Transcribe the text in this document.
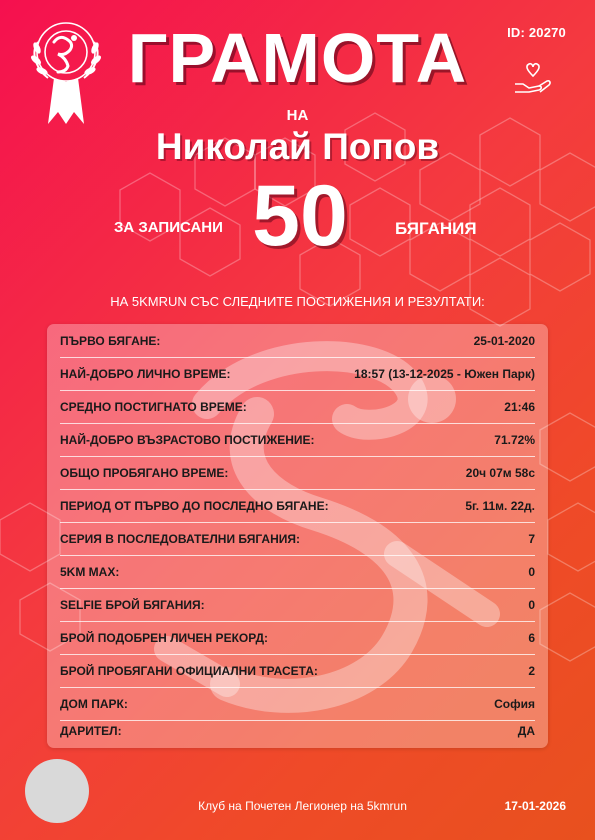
ID: 20270
ГРАМОТА
НА
Николай Попов
ЗА ЗАПИСАНИ 50	БЯГАНИЯ
НА 5KMRUN СЪС СЛЕДНИТЕ ПОСТИЖЕНИЯ И РЕЗУЛТАТИ:
ПЪРВО БЯГАНЕ:	25-01-2020
НАЙ-ДОБРО ЛИЧНО ВРЕМЕ:	18:57 (13-12-2025 - Южен Парк)
СРЕДНО ПОСТИГНАТО ВРЕМЕ:	21:46
НАЙ-ДОБРО ВЪЗРАСТОВО ПОСТИЖЕНИЕ:	71.72%
ОБЩО ПРОБЯГАНО ВРЕМЕ:	20ч 07м 58с
ПЕРИОД ОТ ПЪРВО ДО ПОСЛЕДНО БЯГАНЕ:	5г. 11м. 22д.
СЕРИЯ В ПОСЛЕДОВАТЕЛНИ БЯГАНИЯ:	7
5KM MAX:	0
SELFIE БРОЙ БЯГАНИЯ:	0
БРОЙ ПОДОБРЕН ЛИЧЕН РЕКОРД:	6
БРОЙ ПРОБЯГАНИ ОФИЦИАЛНИ ТРАСЕТА:	2
ДОМ ПАРК:	София
ДАРИТЕЛ:	ДА
Клуб на Почетен Легионер на 5kmrun	17-01-2026
